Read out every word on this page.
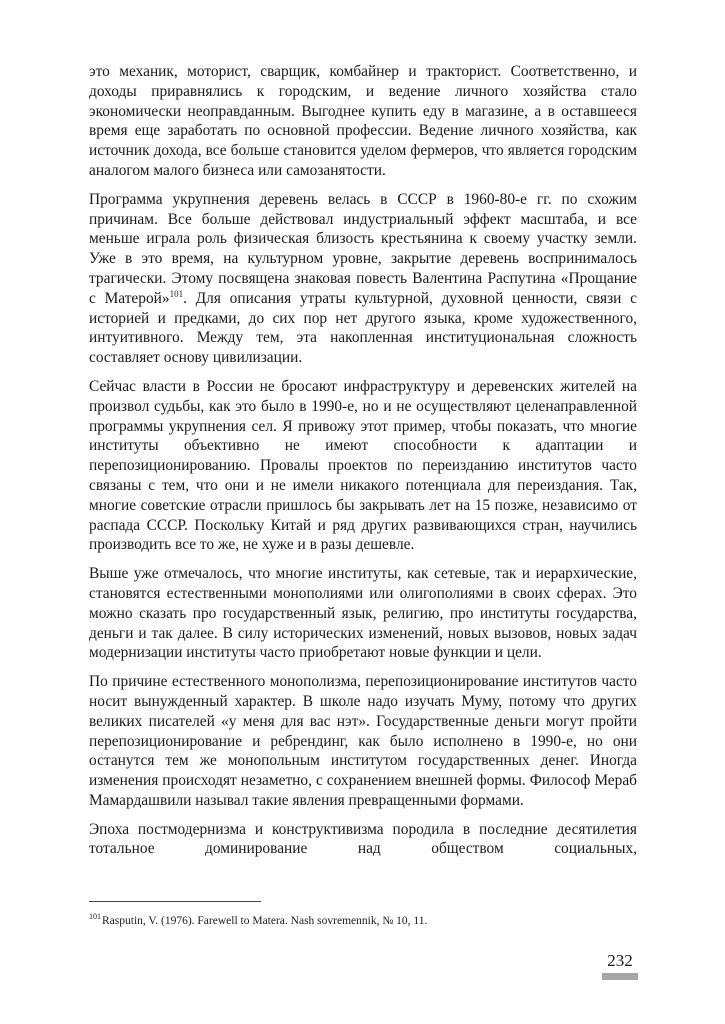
это механик, моторист, сварщик, комбайнер и тракторист. Соответственно, и доходы приравнялись к городским, и ведение личного хозяйства стало экономически неоправданным. Выгоднее купить еду в магазине, а в оставшееся время еще заработать по основной профессии. Ведение личного хозяйства, как источник дохода, все больше становится уделом фермеров, что является городским аналогом малого бизнеса или самозанятости.

Программа укрупнения деревень велась в СССР в 1960-80-е гг. по схожим причинам. Все больше действовал индустриальный эффект масштаба, и все меньше играла роль физическая близость крестьянина к своему участку земли. Уже в это время, на культурном уровне, закрытие деревень воспринималось трагически. Этому посвящена знаковая повесть Валентина Распутина «Прощание с Матерой»$^{101}$. Для описания утраты культурной, духовной ценности, связи с историей и предками, до сих пор нет другого языка, кроме художественного, интуитивного. Между тем, эта накопленная институциональная сложность составляет основу цивилизации.

Сейчас власти в России не бросают инфраструктуру и деревенских жителей на произвол судьбы, как это было в 1990-е, но и не осуществляют целенаправленной программы укрупнения сел. Я привожу этот пример, чтобы показать, что многие институты объективно не имеют способности к адаптации и перепозиционированию. Провалы проектов по переизданию институтов часто связаны с тем, что они и не имели никакого потенциала для переиздания. Так, многие советские отрасли пришлось бы закрывать лет на 15 позже, независимо от распада СССР. Поскольку Китай и ряд других развивающихся стран, научились производить все то же, не хуже и в разы дешевле.

Выше уже отмечалось, что многие институты, как сетевые, так и иерархические, становятся естественными монополиями или олигополиями в своих сферах. Это можно сказать про государственный язык, религию, про институты государства, деньги и так далее. В силу исторических изменений, новых вызовов, новых задач модернизации институты часто приобретают новые функции и цели.

По причине естественного монополизма, перепозиционирование институтов часто носит вынужденный характер. В школе надо изучать Муму, потому что других великих писателей «у меня для вас нэт». Государственные деньги могут пройти перепозиционирование и ребрендинг, как было исполнено в 1990-е, но они останутся тем же монопольным институтом государственных денег. Иногда изменения происходят незаметно, с сохранением внешней формы. Философ Мераб Мамардашвили называл такие явления превращенными формами.

Эпоха постмодернизма и конструктивизма породила в последние десятилетия тотальное доминирование над обществом социальных,

$^{101}$Rasputin, V. (1976). Farewell to Matera. Nash sovremennik, № 10, 11.
232
